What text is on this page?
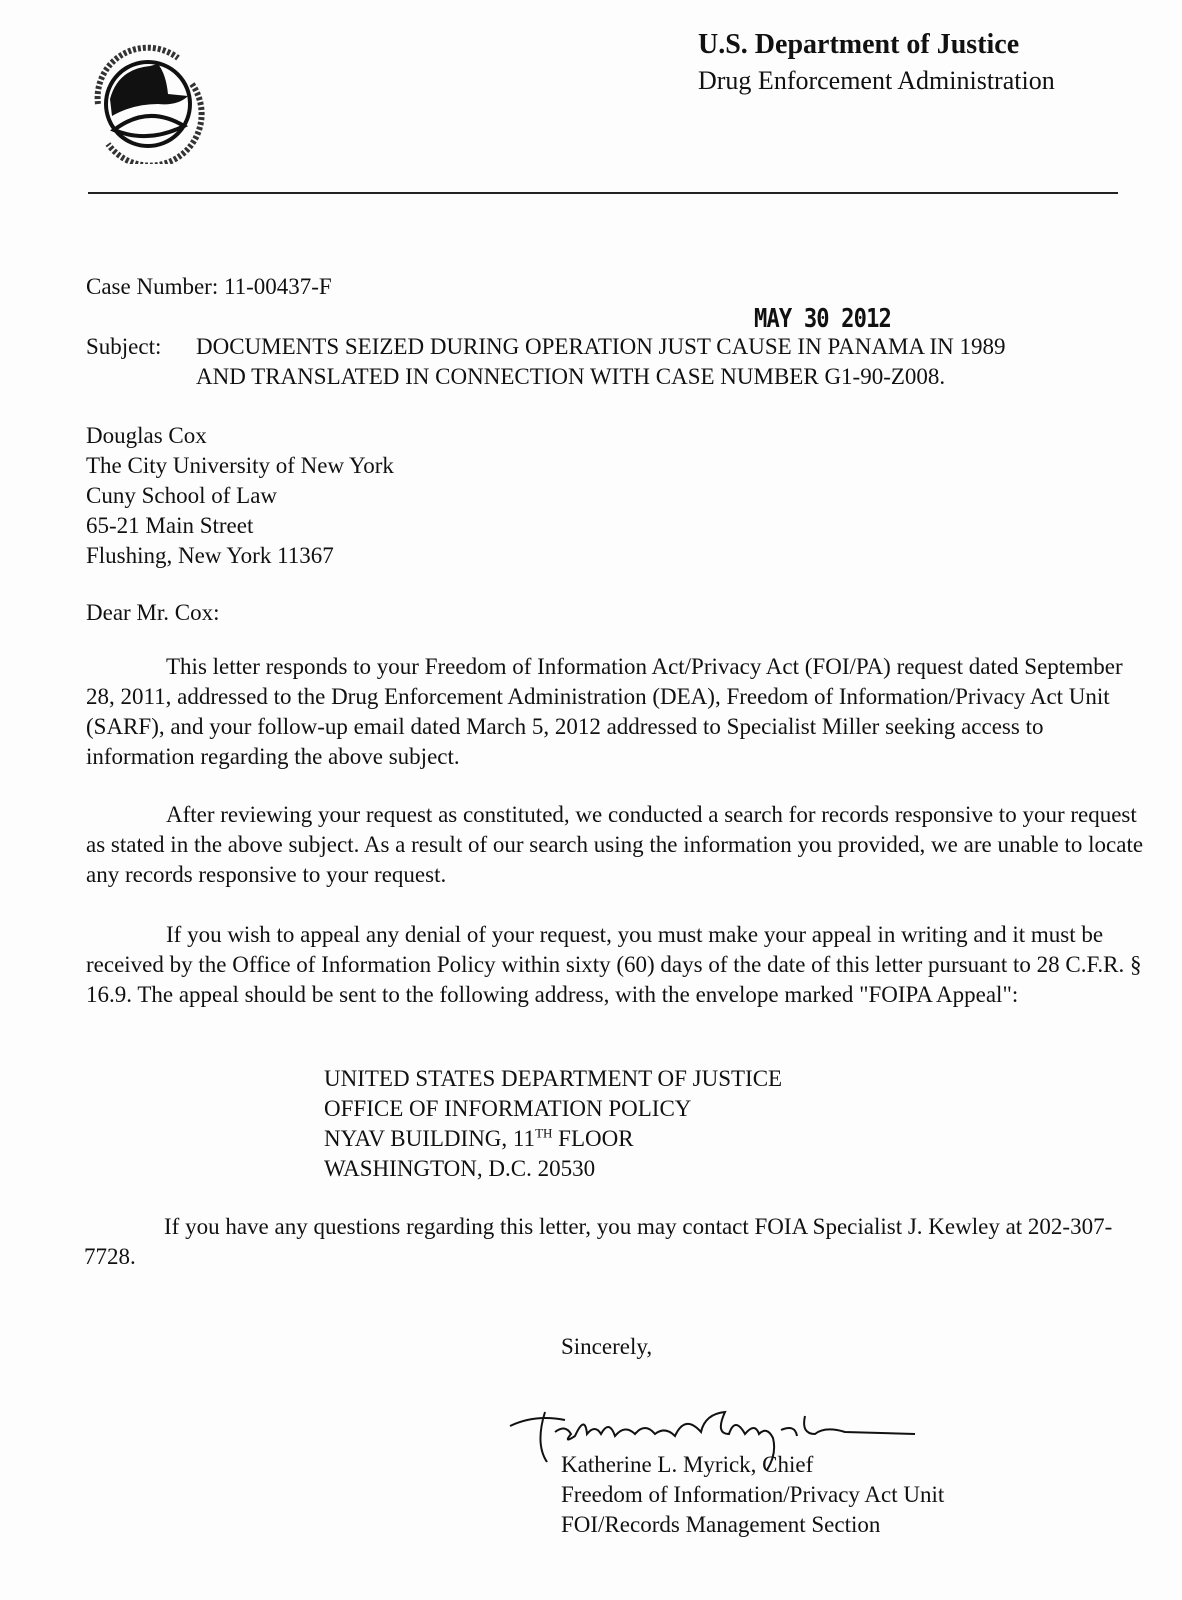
U.S. Department of Justice
Drug Enforcement Administration
Case Number: 11-00437-F
MAY 30 2012
Subject: DOCUMENTS SEIZED DURING OPERATION JUST CAUSE IN PANAMA IN 1989
AND TRANSLATED IN CONNECTION WITH CASE NUMBER G1-90-Z008.
Douglas Cox
The City University of New York
Cuny School of Law
65-21 Main Street
Flushing, New York 11367
Dear Mr. Cox:
This letter responds to your Freedom of Information Act/Privacy Act (FOI/PA) request dated September 28, 2011, addressed to the Drug Enforcement Administration (DEA), Freedom of Information/Privacy Act Unit (SARF), and your follow-up email dated March 5, 2012 addressed to Specialist Miller seeking access to information regarding the above subject.
After reviewing your request as constituted, we conducted a search for records responsive to your request as stated in the above subject. As a result of our search using the information you provided, we are unable to locate any records responsive to your request.
If you wish to appeal any denial of your request, you must make your appeal in writing and it must be received by the Office of Information Policy within sixty (60) days of the date of this letter pursuant to 28 C.F.R. § 16.9. The appeal should be sent to the following address, with the envelope marked "FOIPA Appeal":
UNITED STATES DEPARTMENT OF JUSTICE
OFFICE OF INFORMATION POLICY
NYAV BUILDING, 11TH FLOOR
WASHINGTON, D.C. 20530
If you have any questions regarding this letter, you may contact FOIA Specialist J. Kewley at 202-307-7728.
Sincerely,
Katherine L. Myrick, Chief
Freedom of Information/Privacy Act Unit
FOI/Records Management Section
